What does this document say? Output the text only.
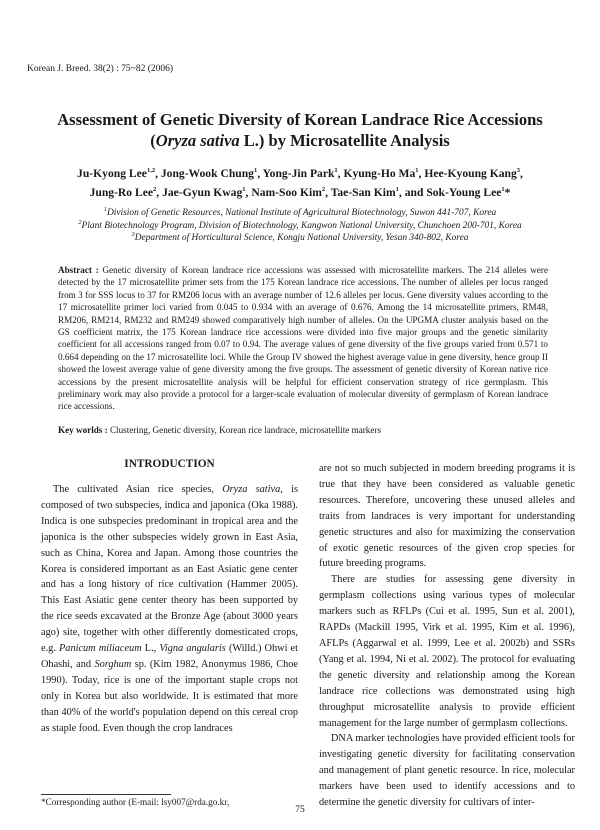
Korean J. Breed. 38(2) : 75~82 (2006)
Assessment of Genetic Diversity of Korean Landrace Rice Accessions
(Oryza sativa L.) by Microsatellite Analysis
Ju-Kyong Lee$^{1,2}$, Jong-Wook Chung$^1$, Yong-Jin Park$^1$, Kyung-Ho Ma$^1$, Hee-Kyoung Kang$^3$,
Jung-Ro Lee$^2$, Jae-Gyun Kwag$^1$, Nam-Soo Kim$^2$, Tae-San Kim$^1$, and Sok-Young Lee$^1$*
$^1$Division of Genetic Resources, National Institute of Agricultural Biotechnology, Suwon 441-707, Korea
$^2$Plant Biotechnology Program, Division of Biotechnology, Kangwon National University, Chunchoen 200-701, Korea
$^3$Department of Horticultural Science, Kongju National University, Yesan 340-802, Korea
Abstract : Genetic diversity of Korean landrace rice accessions was assessed with microsatellite markers. The 214 alleles were detected by the 17 microsatellite primer sets from the 175 Korean landrace rice accessions. The number of alleles per locus ranged from 3 for SSS locus to 37 for RM206 locus with an average number of 12.6 alleles per locus. Gene diversity values according to the 17 microsatellite primer loci varied from 0.045 to 0.934 with an average of 0.676. Among the 14 microsatellite primers, RM48, RM206, RM214, RM232 and RM249 showed comparatively high number of alleles. On the UPGMA cluster analysis based on the GS coefficient matrix, the 175 Korean landrace rice accessions were divided into five major groups and the genetic similarity coefficient for all accessions ranged from 0.07 to 0.94. The average values of gene diversity of the five groups varied from 0.571 to 0.664 depending on the 17 microsatellite loci. While the Group IV showed the highest average value in gene diversity, hence group II showed the lowest average value of gene diversity among the five groups. The assessment of genetic diversity of Korean native rice accessions by the present microsatellite analysis will be helpful for efficient conservation strategy of rice germplasm. This preliminary work may also provide a protocol for a larger-scale evaluation of molecular diversity of germplasm of Korean landrace rice accessions.
Key worlds : Clustering, Genetic diversity, Korean rice landrace, microsatellite markers
INTRODUCTION

The cultivated Asian rice species, Oryza sativa, is composed of two subspecies, indica and japonica (Oka 1988). Indica is one subspecies predominant in tropical area and the japonica is the other subspecies widely grown in East Asia, such as China, Korea and Japan. Among those countries the Korea is considered important as an East Asiatic gene center and has a long history of rice cultivation (Hammer 2005). This East Asiatic gene center theory has been supported by the rice seeds excavated at the Bronze Age (about 3000 years ago) site, together with other differently domesticated crops, e.g. Panicum miliaceum L., Vigna angularis (Willd.) Ohwi et Ohashi, and Sorghum sp. (Kim 1982, Anonymus 1986, Choe 1990). Today, rice is one of the important staple crops not only in Korea but also worldwide. It is estimated that more than 40% of the world's population depend on this cereal crop as staple food. Even though the crop landraces

are not so much subjected in modern breeding programs it is true that they have been considered as valuable genetic resources. Therefore, uncovering these unused alleles and traits from landraces is very important for understanding genetic structures and also for maximizing the conservation of exotic genetic resources of the given crop species for future breeding programs.

There are studies for assessing gene diversity in germplasm collections using various types of molecular markers such as RFLPs (Cui et al. 1995, Sun et al. 2001), RAPDs (Mackill 1995, Virk et al. 1995, Kim et al. 1996), AFLPs (Aggarwal et al. 1999, Lee et al. 2002b) and SSRs (Yang et al. 1994, Ni et al. 2002). The protocol for evaluating the genetic diversity and relationship among the Korean landrace rice collections was demonstrated using high throughput microsatellite analysis to provide efficient management for the large number of germplasm collections.

DNA marker technologies have provided efficient tools for investigating genetic diversity for facilitating conservation and management of plant genetic resource. In rice, molecular markers have been used to identify accessions and to determine the genetic diversity for cultivars of inter-

*Corresponding author (E-mail: lsy007@rda.go.kr,
75
